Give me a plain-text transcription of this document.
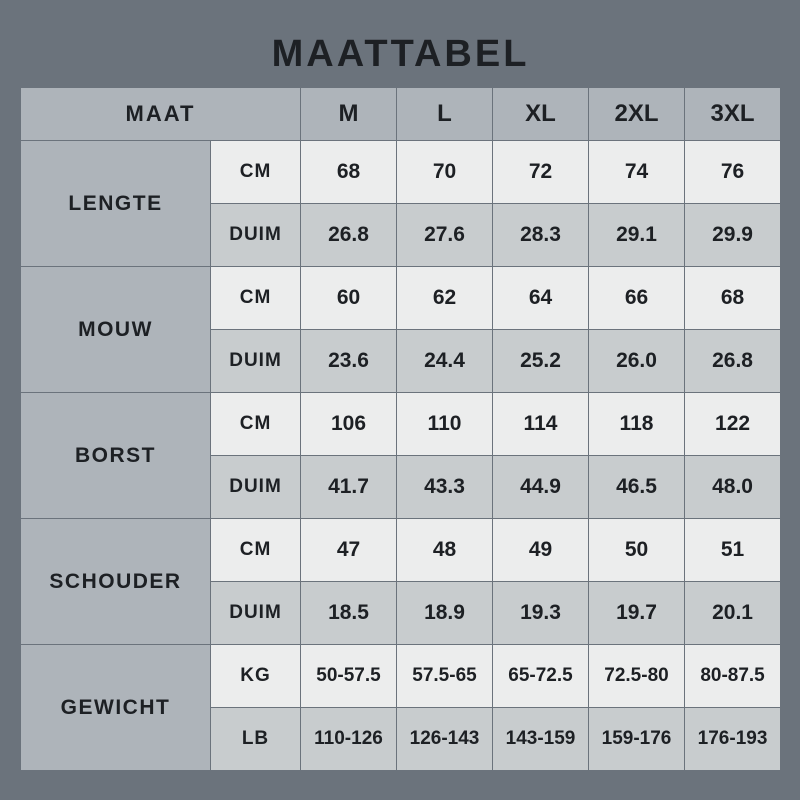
MAATTABEL						
MAAT		M	L	XL	2XL	3XL
LENGTE	CM	68	70	72	74	76
	DUIM	26.8	27.6	28.3	29.1	29.9
MOUW	CM	60	62	64	66	68
	DUIM	23.6	24.4	25.2	26.0	26.8
BORST	CM	106	110	114	118	122
	DUIM	41.7	43.3	44.9	46.5	48.0
SCHOUDER	CM	47	48	49	50	51
	DUIM	18.5	18.9	19.3	19.7	20.1
GEWICHT	KG	50-57.5	57.5-65	65-72.5	72.5-80	80-87.5
	LB	110-126	126-143	143-159	159-176	176-193
